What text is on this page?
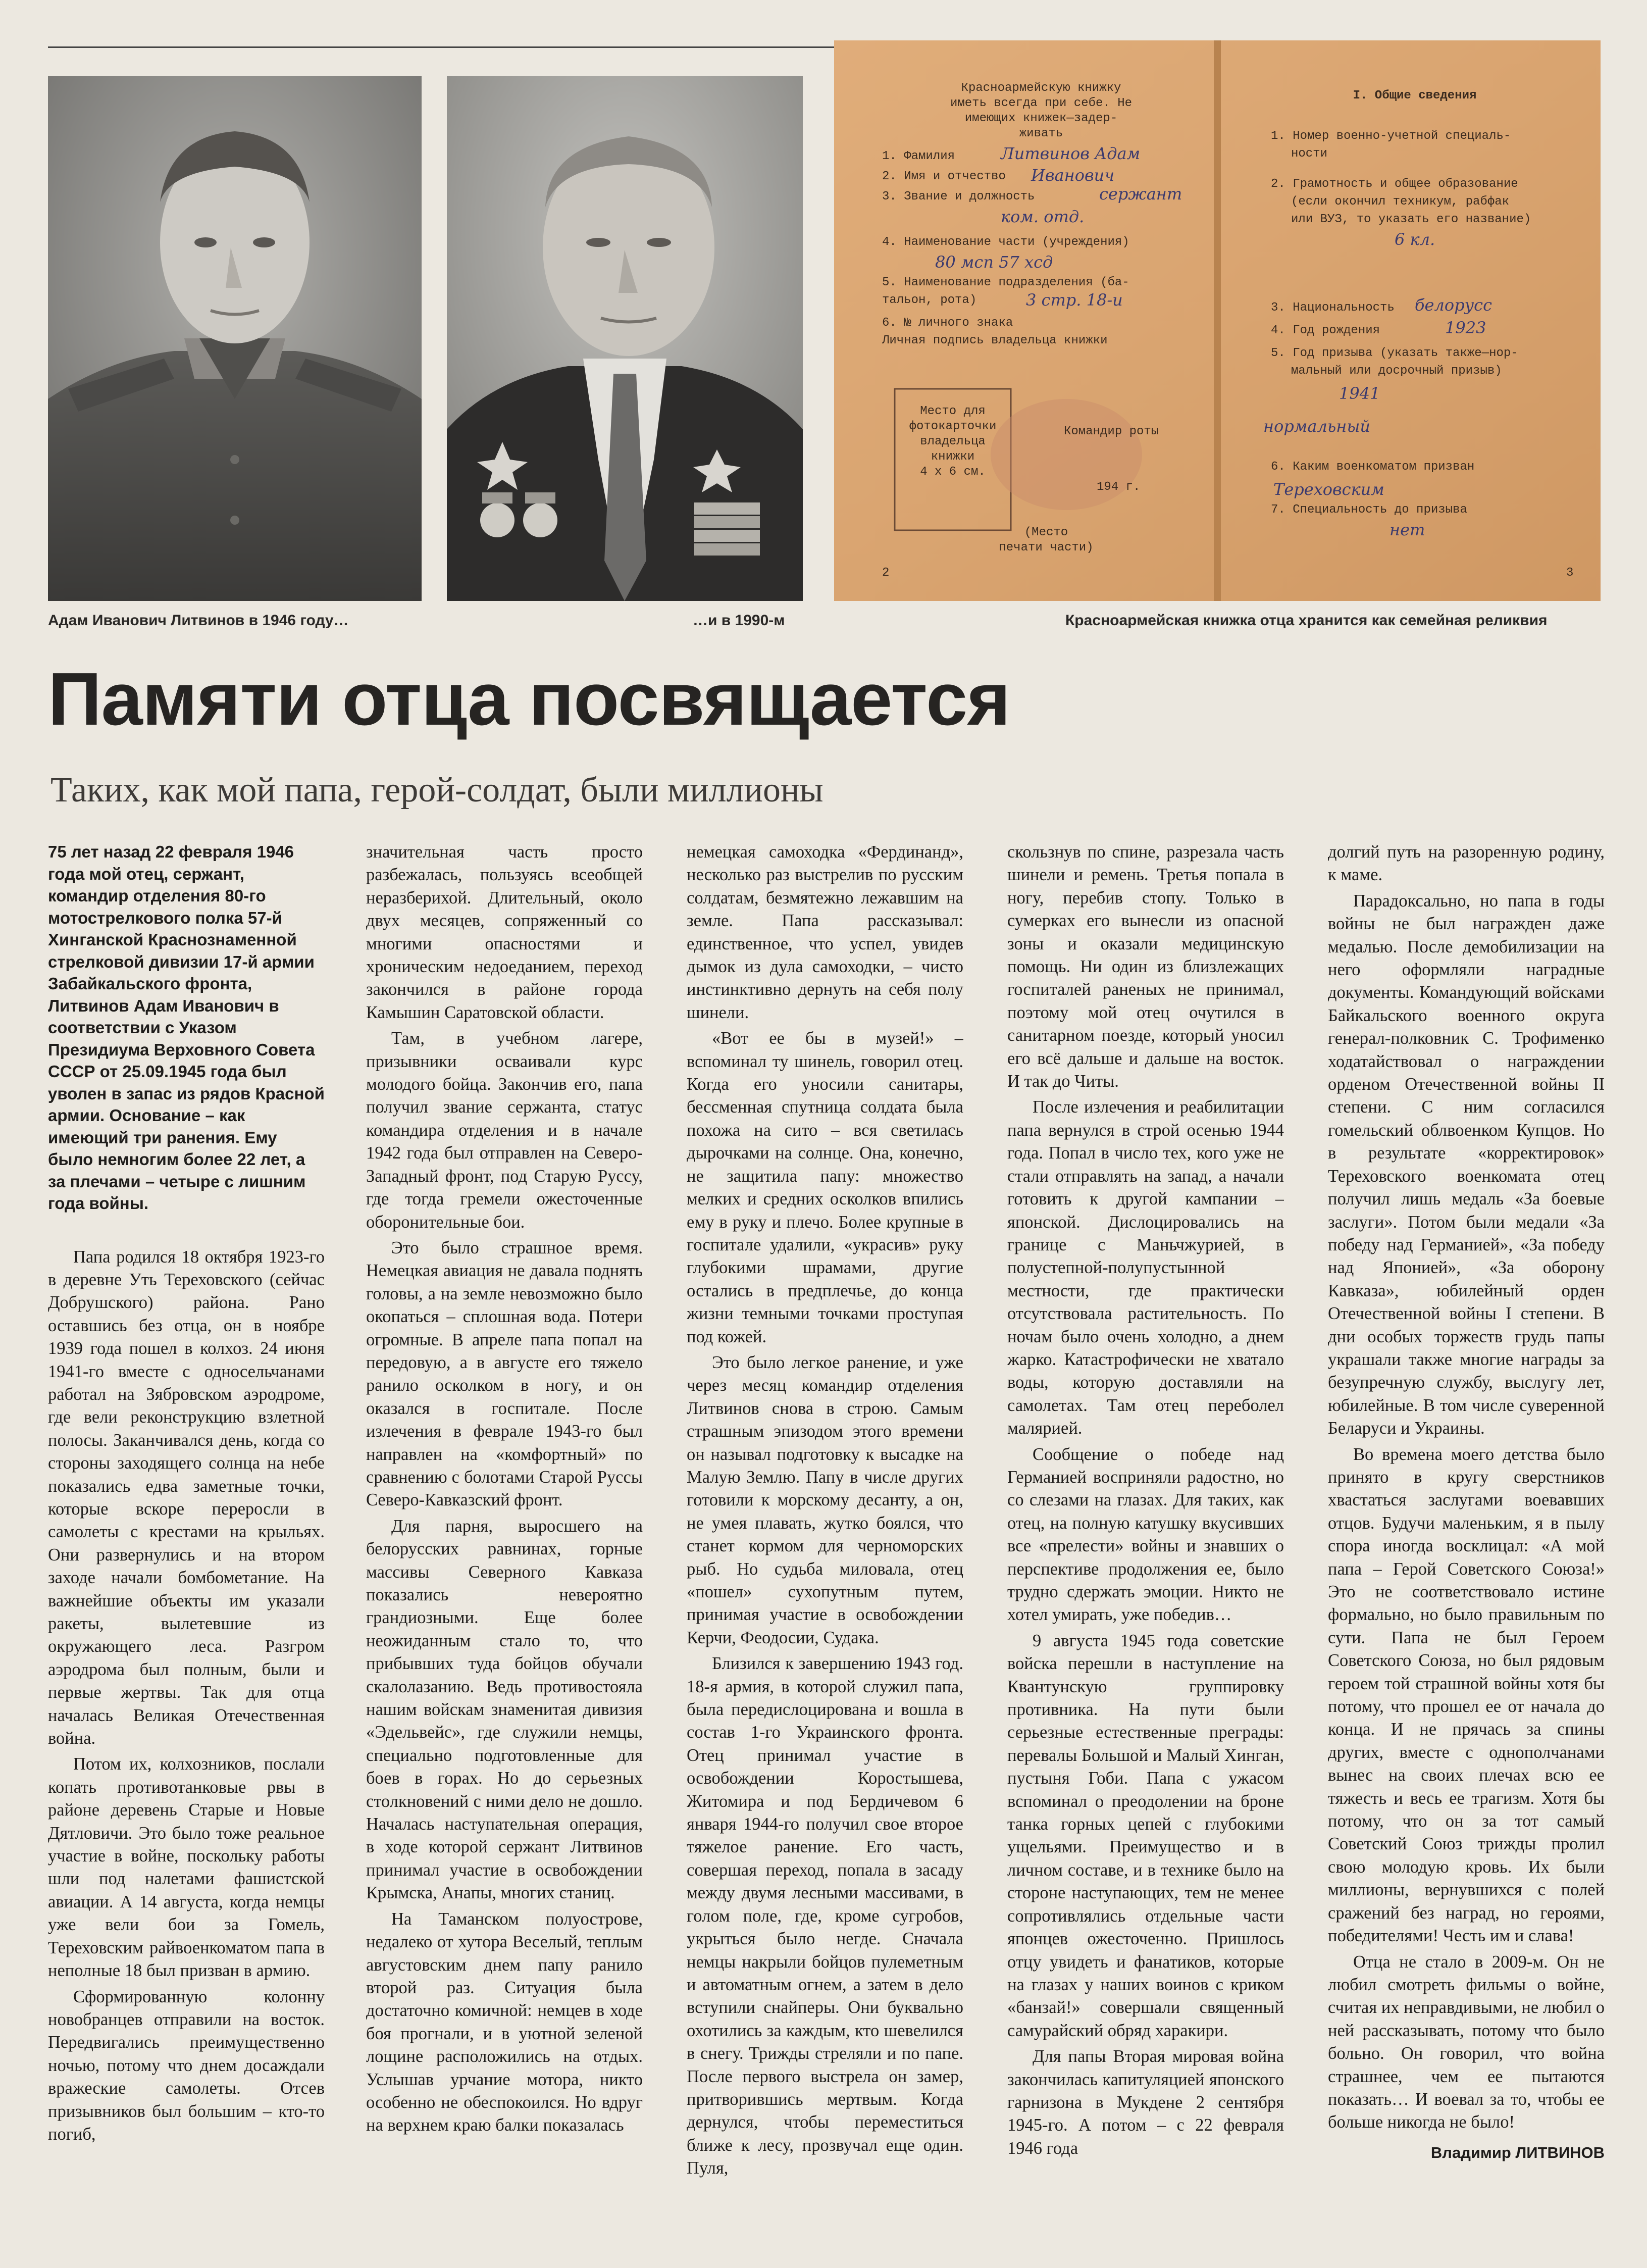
Красноармейскую книжку
иметь всегда при себе. Не
имеющих книжек—задер-
живать
1. Фамилия
2. Имя и отчество
3. Звание и должность
4. Наименование части (учреждения)
5. Наименование подразделения (ба-
тальон, рота)
6. № личного знака
Личная подпись владельца книжки
Место для
фотокарточки
владельца
книжки
4 х 6 см.
Командир роты
194 г.
(Место
печати части)
2
I. Общие сведения
1. Номер военно-учетной специаль-
ности
2. Грамотность и общее образование
(если окончил техникум, рабфак
или ВУЗ, то указать его название)
3. Национальность
4. Год рождения
5. Год призыва (указать также—нор-
мальный или досрочный призыв)
6. Каким военкоматом призван
7. Специальность до призыва
3
Литвинов Адам
Иванович
сержант
ком. отд.
80 мсп 57 хсд
3 стр. 18-и
6 кл.
белорусс
1923
1941
нормальный
Тереховским
нет
Адам Иванович Литвинов в 1946 году…	…и в 1990-м	Красноармейская книжка отца хранится как семейная реликвия
Памяти отца посвящается
Таких, как мой папа, герой-солдат, были миллионы

75 лет назад 22 февраля 1946 года мой отец, сержант, командир отделения 80-го мотострелкового полка 57-й Хинганской Краснознаменной стрелковой дивизии 17-й армии Забайкальского фронта, Литвинов Адам Иванович в соответствии с Указом Президиума Верховного Совета СССР от 25.09.1945 года был уволен в запас из рядов Красной армии. Основание – как имеющий три ранения. Ему было немногим более 22 лет, а за плечами – четыре с лишним года войны.

Папа родился 18 октября 1923-го в деревне Уть Тереховского (сейчас Добрушского) района. Рано оставшись без отца, он в ноябре 1939 года пошел в колхоз. 24 июня 1941-го вместе с односельчанами работал на Зябровском аэродроме, где вели реконструкцию взлетной полосы. Заканчивался день, когда со стороны заходящего солнца на небе показались едва заметные точки, которые вскоре переросли в самолеты с крестами на крыльях. Они развернулись и на втором заходе начали бомбометание. На важнейшие объекты им указали ракеты, вылетевшие из окружающего леса. Разгром аэродрома был полным, были и первые жертвы. Так для отца началась Великая Отечественная война.

Потом их, колхозников, послали копать противотанковые рвы в районе деревень Старые и Новые Дятловичи. Это было тоже реальное участие в войне, поскольку работы шли под налетами фашистской авиации. А 14 августа, когда немцы уже вели бои за Гомель, Тереховским райвоенкоматом папа в неполные 18 был призван в армию.

Сформированную колонну новобранцев отправили на восток. Передвигались преимущественно ночью, потому что днем досаждали вражеские самолеты. Отсев призывников был большим – кто-то погиб,

значительная часть просто разбежалась, пользуясь всеобщей неразберихой. Длительный, около двух месяцев, сопряженный со многими опасностями и хроническим недоеданием, переход закончился в районе города Камышин Саратовской области.

Там, в учебном лагере, призывники осваивали курс молодого бойца. Закончив его, папа получил звание сержанта, статус командира отделения и в начале 1942 года был отправлен на Северо-Западный фронт, под Старую Руссу, где тогда гремели ожесточенные оборонительные бои.

Это было страшное время. Немецкая авиация не давала поднять головы, а на земле невозможно было окопаться – сплошная вода. Потери огромные. В апреле папа попал на передовую, а в августе его тяжело ранило осколком в ногу, и он оказался в госпитале. После излечения в феврале 1943-го был направлен на «комфортный» по сравнению с болотами Старой Руссы Северо-Кавказский фронт.

Для парня, выросшего на белорусских равнинах, горные массивы Северного Кавказа показались невероятно грандиозными. Еще более неожиданным стало то, что прибывших туда бойцов обучали скалолазанию. Ведь противостояла нашим войскам знаменитая дивизия «Эдельвейс», где служили немцы, специально подготовленные для боев в горах. Но до серьезных столкновений с ними дело не дошло. Началась наступательная операция, в ходе которой сержант Литвинов принимал участие в освобождении Крымска, Анапы, многих станиц.

На Таманском полуострове, недалеко от хутора Веселый, теплым августовским днем папу ранило второй раз. Ситуация была достаточно комичной: немцев в ходе боя прогнали, и в уютной зеленой лощине расположились на отдых. Услышав урчание мотора, никто особенно не обеспокоился. Но вдруг на верхнем краю балки показалась

немецкая самоходка «Фердинанд», несколько раз выстрелив по русским солдатам, безмятежно лежавшим на земле. Папа рассказывал: единственное, что успел, увидев дымок из дула самоходки, – чисто инстинктивно дернуть на себя полу шинели.

«Вот ее бы в музей!» – вспоминал ту шинель, говорил отец. Когда его уносили санитары, бессменная спутница солдата была похожа на сито – вся светилась дырочками на солнце. Она, конечно, не защитила папу: множество мелких и средних осколков впились ему в руку и плечо. Более крупные в госпитале удалили, «украсив» руку глубокими шрамами, другие остались в предплечье, до конца жизни темными точками проступая под кожей.

Это было легкое ранение, и уже через месяц командир отделения Литвинов снова в строю. Самым страшным эпизодом этого времени он называл подготовку к высадке на Малую Землю. Папу в числе других готовили к морскому десанту, а он, не умея плавать, жутко боялся, что станет кормом для черноморских рыб. Но судьба миловала, отец «пошел» сухопутным путем, принимая участие в освобождении Керчи, Феодосии, Судака.

Близился к завершению 1943 год. 18-я армия, в которой служил папа, была передислоцирована и вошла в состав 1-го Украинского фронта. Отец принимал участие в освобождении Коростышева, Житомира и под Бердичевом 6 января 1944-го получил свое второе тяжелое ранение. Его часть, совершая переход, попала в засаду между двумя лесными массивами, в голом поле, где, кроме сугробов, укрыться было негде. Сначала немцы накрыли бойцов пулеметным и автоматным огнем, а затем в дело вступили снайперы. Они буквально охотились за каждым, кто шевелился в снегу. Трижды стреляли и по папе. После первого выстрела он замер, притворившись мертвым. Когда дернулся, чтобы переместиться ближе к лесу, прозвучал еще один. Пуля,

скользнув по спине, разрезала часть шинели и ремень. Третья попала в ногу, перебив стопу. Только в сумерках его вынесли из опасной зоны и оказали медицинскую помощь. Ни один из близлежащих госпиталей раненых не принимал, поэтому мой отец очутился в санитарном поезде, который уносил его всё дальше и дальше на восток. И так до Читы.

После излечения и реабилитации папа вернулся в строй осенью 1944 года. Попал в число тех, кого уже не стали отправлять на запад, а начали готовить к другой кампании – японской. Дислоцировались на границе с Маньчжурией, в полустепной-полупустынной местности, где практически отсутствовала растительность. По ночам было очень холодно, а днем жарко. Катастрофически не хватало воды, которую доставляли на самолетах. Там отец переболел малярией.

Сообщение о победе над Германией восприняли радостно, но со слезами на глазах. Для таких, как отец, на полную катушку вкусивших все «прелести» войны и знавших о перспективе продолжения ее, было трудно сдержать эмоции. Никто не хотел умирать, уже победив…

9 августа 1945 года советские войска перешли в наступление на Квантунскую группировку противника. На пути были серьезные естественные преграды: перевалы Большой и Малый Хинган, пустыня Гоби. Папа с ужасом вспоминал о преодолении на броне танка горных цепей с глубокими ущельями. Преимущество и в личном составе, и в технике было на стороне наступающих, тем не менее сопротивлялись отдельные части японцев ожесточенно. Пришлось отцу увидеть и фанатиков, которые на глазах у наших воинов с криком «банзай!» совершали священный самурайский обряд харакири.

Для папы Вторая мировая война закончилась капитуляцией японского гарнизона в Мукдене 2 сентября 1945-го. А потом – с 22 февраля 1946 года

долгий путь на разоренную родину, к маме.

Парадоксально, но папа в годы войны не был награжден даже медалью. После демобилизации на него оформляли наградные документы. Командующий войсками Байкальского военного округа генерал-полковник С. Трофименко ходатайствовал о награждении орденом Отечественной войны II степени. С ним согласился гомельский облвоенком Купцов. Но в результате «корректировок» Тереховского военкомата отец получил лишь медаль «За боевые заслуги». Потом были медали «За победу над Германией», «За победу над Японией», «За оборону Кавказа», юбилейный орден Отечественной войны I степени. В дни особых торжеств грудь папы украшали также многие награды за безупречную службу, выслугу лет, юбилейные. В том числе суверенной Беларуси и Украины.

Во времена моего детства было принято в кругу сверстников хвастаться заслугами воевавших отцов. Будучи маленьким, я в пылу спора иногда восклицал: «А мой папа – Герой Советского Союза!» Это не соответствовало истине формально, но было правильным по сути. Папа не был Героем Советского Союза, но был рядовым героем той страшной войны хотя бы потому, что прошел ее от начала до конца. И не прячась за спины других, вместе с однополчанами вынес на своих плечах всю ее тяжесть и весь ее трагизм. Хотя бы потому, что он за тот самый Советский Союз трижды пролил свою молодую кровь. Их были миллионы, вернувшихся с полей сражений без наград, но героями, победителями! Честь им и слава!

Отца не стало в 2009-м. Он не любил смотреть фильмы о войне, считая их неправдивыми, не любил о ней рассказывать, потому что было больно. Он говорил, что война страшнее, чем ее пытаются показать… И воевал за то, чтобы ее больше никогда не было!

Владимир ЛИТВИНОВ
